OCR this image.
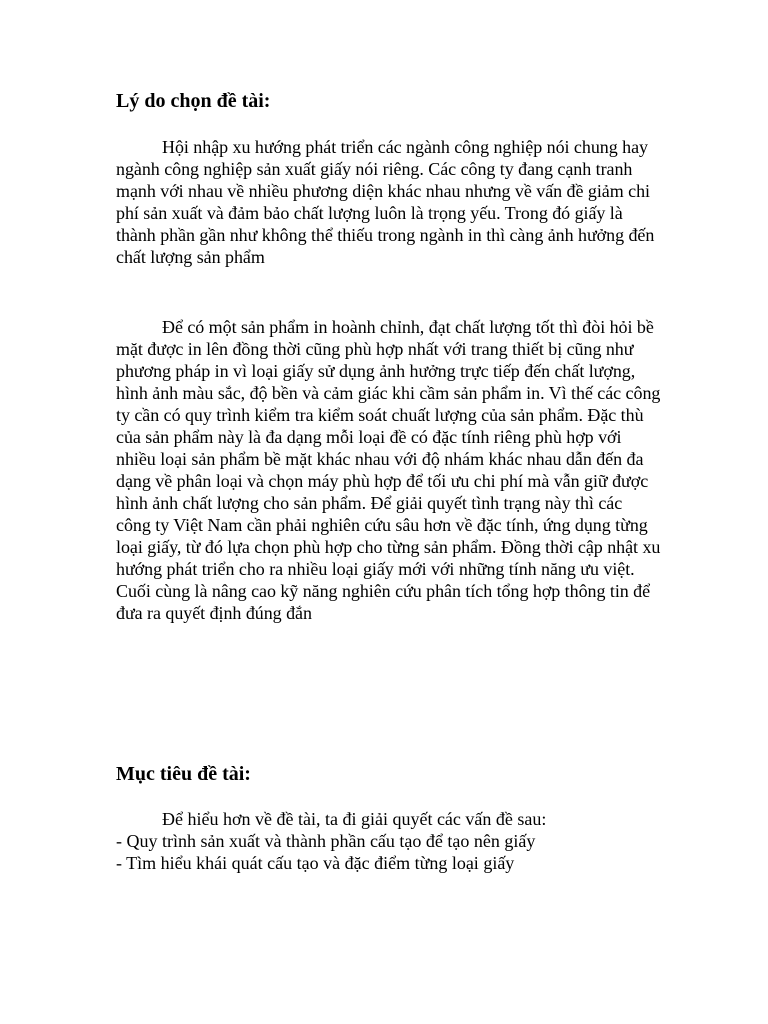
Lý do chọn đề tài:

Hội nhập xu hướng phát triển các ngành công nghiệp nói chung hay ngành công nghiệp sản xuất giấy nói riêng. Các công ty đang cạnh tranh mạnh với nhau về nhiều phương diện khác nhau nhưng về vấn đề giảm chi phí sản xuất và đảm bảo chất lượng luôn là trọng yếu. Trong đó giấy là thành phần gần như không thể thiếu trong ngành in thì càng ảnh hưởng đến chất lượng sản phẩm

Để có một sản phẩm in hoành chỉnh, đạt chất lượng tốt thì đòi hỏi bề mặt được in lên đồng thời cũng phù hợp nhất với trang thiết bị cũng như phương pháp in vì loại giấy sử dụng ảnh hưởng trực tiếp đến chất lượng, hình ảnh màu sắc, độ bền và cảm giác khi cầm sản phẩm in. Vì thế các công ty cần có quy trình kiểm tra kiểm soát chuất lượng của sản phẩm. Đặc thù của sản phẩm này là đa dạng mỗi loại đề có đặc tính riêng phù hợp với nhiều loại sản phẩm bề mặt khác nhau với độ nhám khác nhau dẫn đến đa dạng về phân loại và chọn máy phù hợp để tối ưu chi phí mà vẫn giữ được hình ảnh chất lượng cho sản phẩm. Để giải quyết tình trạng này thì các công ty Việt Nam cần phải nghiên cứu sâu hơn về đặc tính, ứng dụng từng loại giấy, từ đó lựa chọn phù hợp cho từng sản phẩm. Đồng thời cập nhật xu hướng phát triển cho ra nhiều loại giấy mới với những tính năng ưu việt. Cuối cùng là nâng cao kỹ năng nghiên cứu phân tích tổng hợp thông tin để đưa ra quyết định đúng đắn

Mục tiêu đề tài:

Để hiểu hơn về đề tài, ta đi giải quyết các vấn đề sau:

- Quy trình sản xuất và thành phần cấu tạo để tạo nên giấy

- Tìm hiểu khái quát cấu tạo và đặc điểm từng loại giấy
